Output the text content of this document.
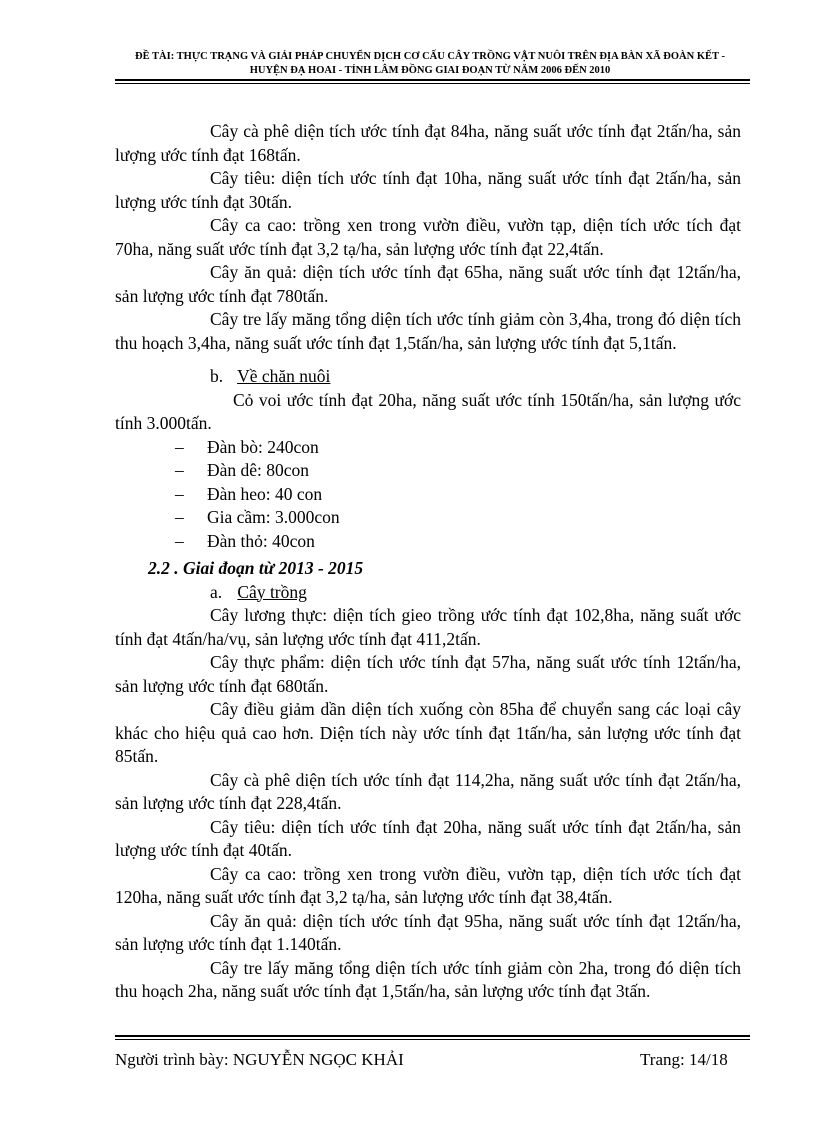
ĐỀ TÀI: THỰC TRẠNG VÀ GIẢI PHÁP CHUYỂN DỊCH CƠ CẤU CÂY TRỒNG VẬT NUÔI TRÊN ĐỊA BÀN XÃ ĐOÀN KẾT -
HUYỆN ĐẠ HOAI - TỈNH LÂM ĐỒNG GIAI ĐOẠN TỪ NĂM 2006 ĐẾN 2010

Cây cà phê diện tích ước tính đạt 84ha, năng suất ước tính đạt 2tấn/ha, sản lượng ước tính đạt 168tấn.

Cây tiêu: diện tích ước tính đạt 10ha, năng suất ước tính đạt 2tấn/ha, sản lượng ước tính đạt 30tấn.

Cây ca cao: trồng xen trong vườn điều, vườn tạp, diện tích ước tích đạt 70ha, năng suất ước tính đạt 3,2 tạ/ha, sản lượng ước tính đạt 22,4tấn.

Cây ăn quả: diện tích ước tính đạt 65ha, năng suất ước tính đạt 12tấn/ha, sản lượng ước tính đạt 780tấn.

Cây tre lấy măng tổng diện tích ước tính giảm còn 3,4ha, trong đó diện tích thu hoạch 3,4ha, năng suất ước tính đạt 1,5tấn/ha, sản lượng ước tính đạt 5,1tấn.

b. Về chăn nuôi

Cỏ voi ước tính đạt 20ha, năng suất ước tính 150tấn/ha, sản lượng ước tính 3.000tấn.

– Đàn bò: 240con
– Đàn dê: 80con
– Đàn heo: 40 con
– Gia cầm: 3.000con
– Đàn thỏ: 40con
2.2 . Giai đoạn từ 2013 - 2015
a. Cây trồng

Cây lương thực: diện tích gieo trồng ước tính đạt 102,8ha, năng suất ước tính đạt 4tấn/ha/vụ, sản lượng ước tính đạt 411,2tấn.

Cây thực phẩm: diện tích ước tính đạt 57ha, năng suất ước tính 12tấn/ha, sản lượng ước tính đạt 680tấn.

Cây điều giảm dần diện tích xuống còn 85ha để chuyển sang các loại cây khác cho hiệu quả cao hơn. Diện tích này ước tính đạt 1tấn/ha, sản lượng ước tính đạt 85tấn.

Cây cà phê diện tích ước tính đạt 114,2ha, năng suất ước tính đạt 2tấn/ha, sản lượng ước tính đạt 228,4tấn.

Cây tiêu: diện tích ước tính đạt 20ha, năng suất ước tính đạt 2tấn/ha, sản lượng ước tính đạt 40tấn.

Cây ca cao: trồng xen trong vườn điều, vườn tạp, diện tích ước tích đạt 120ha, năng suất ước tính đạt 3,2 tạ/ha, sản lượng ước tính đạt 38,4tấn.

Cây ăn quả: diện tích ước tính đạt 95ha, năng suất ước tính đạt 12tấn/ha, sản lượng ước tính đạt 1.140tấn.

Cây tre lấy măng tổng diện tích ước tính giảm còn 2ha, trong đó diện tích thu hoạch 2ha, năng suất ước tính đạt 1,5tấn/ha, sản lượng ước tính đạt 3tấn.

Người trình bày: NGUYỄN NGỌC KHẢI	Trang: 14/18
